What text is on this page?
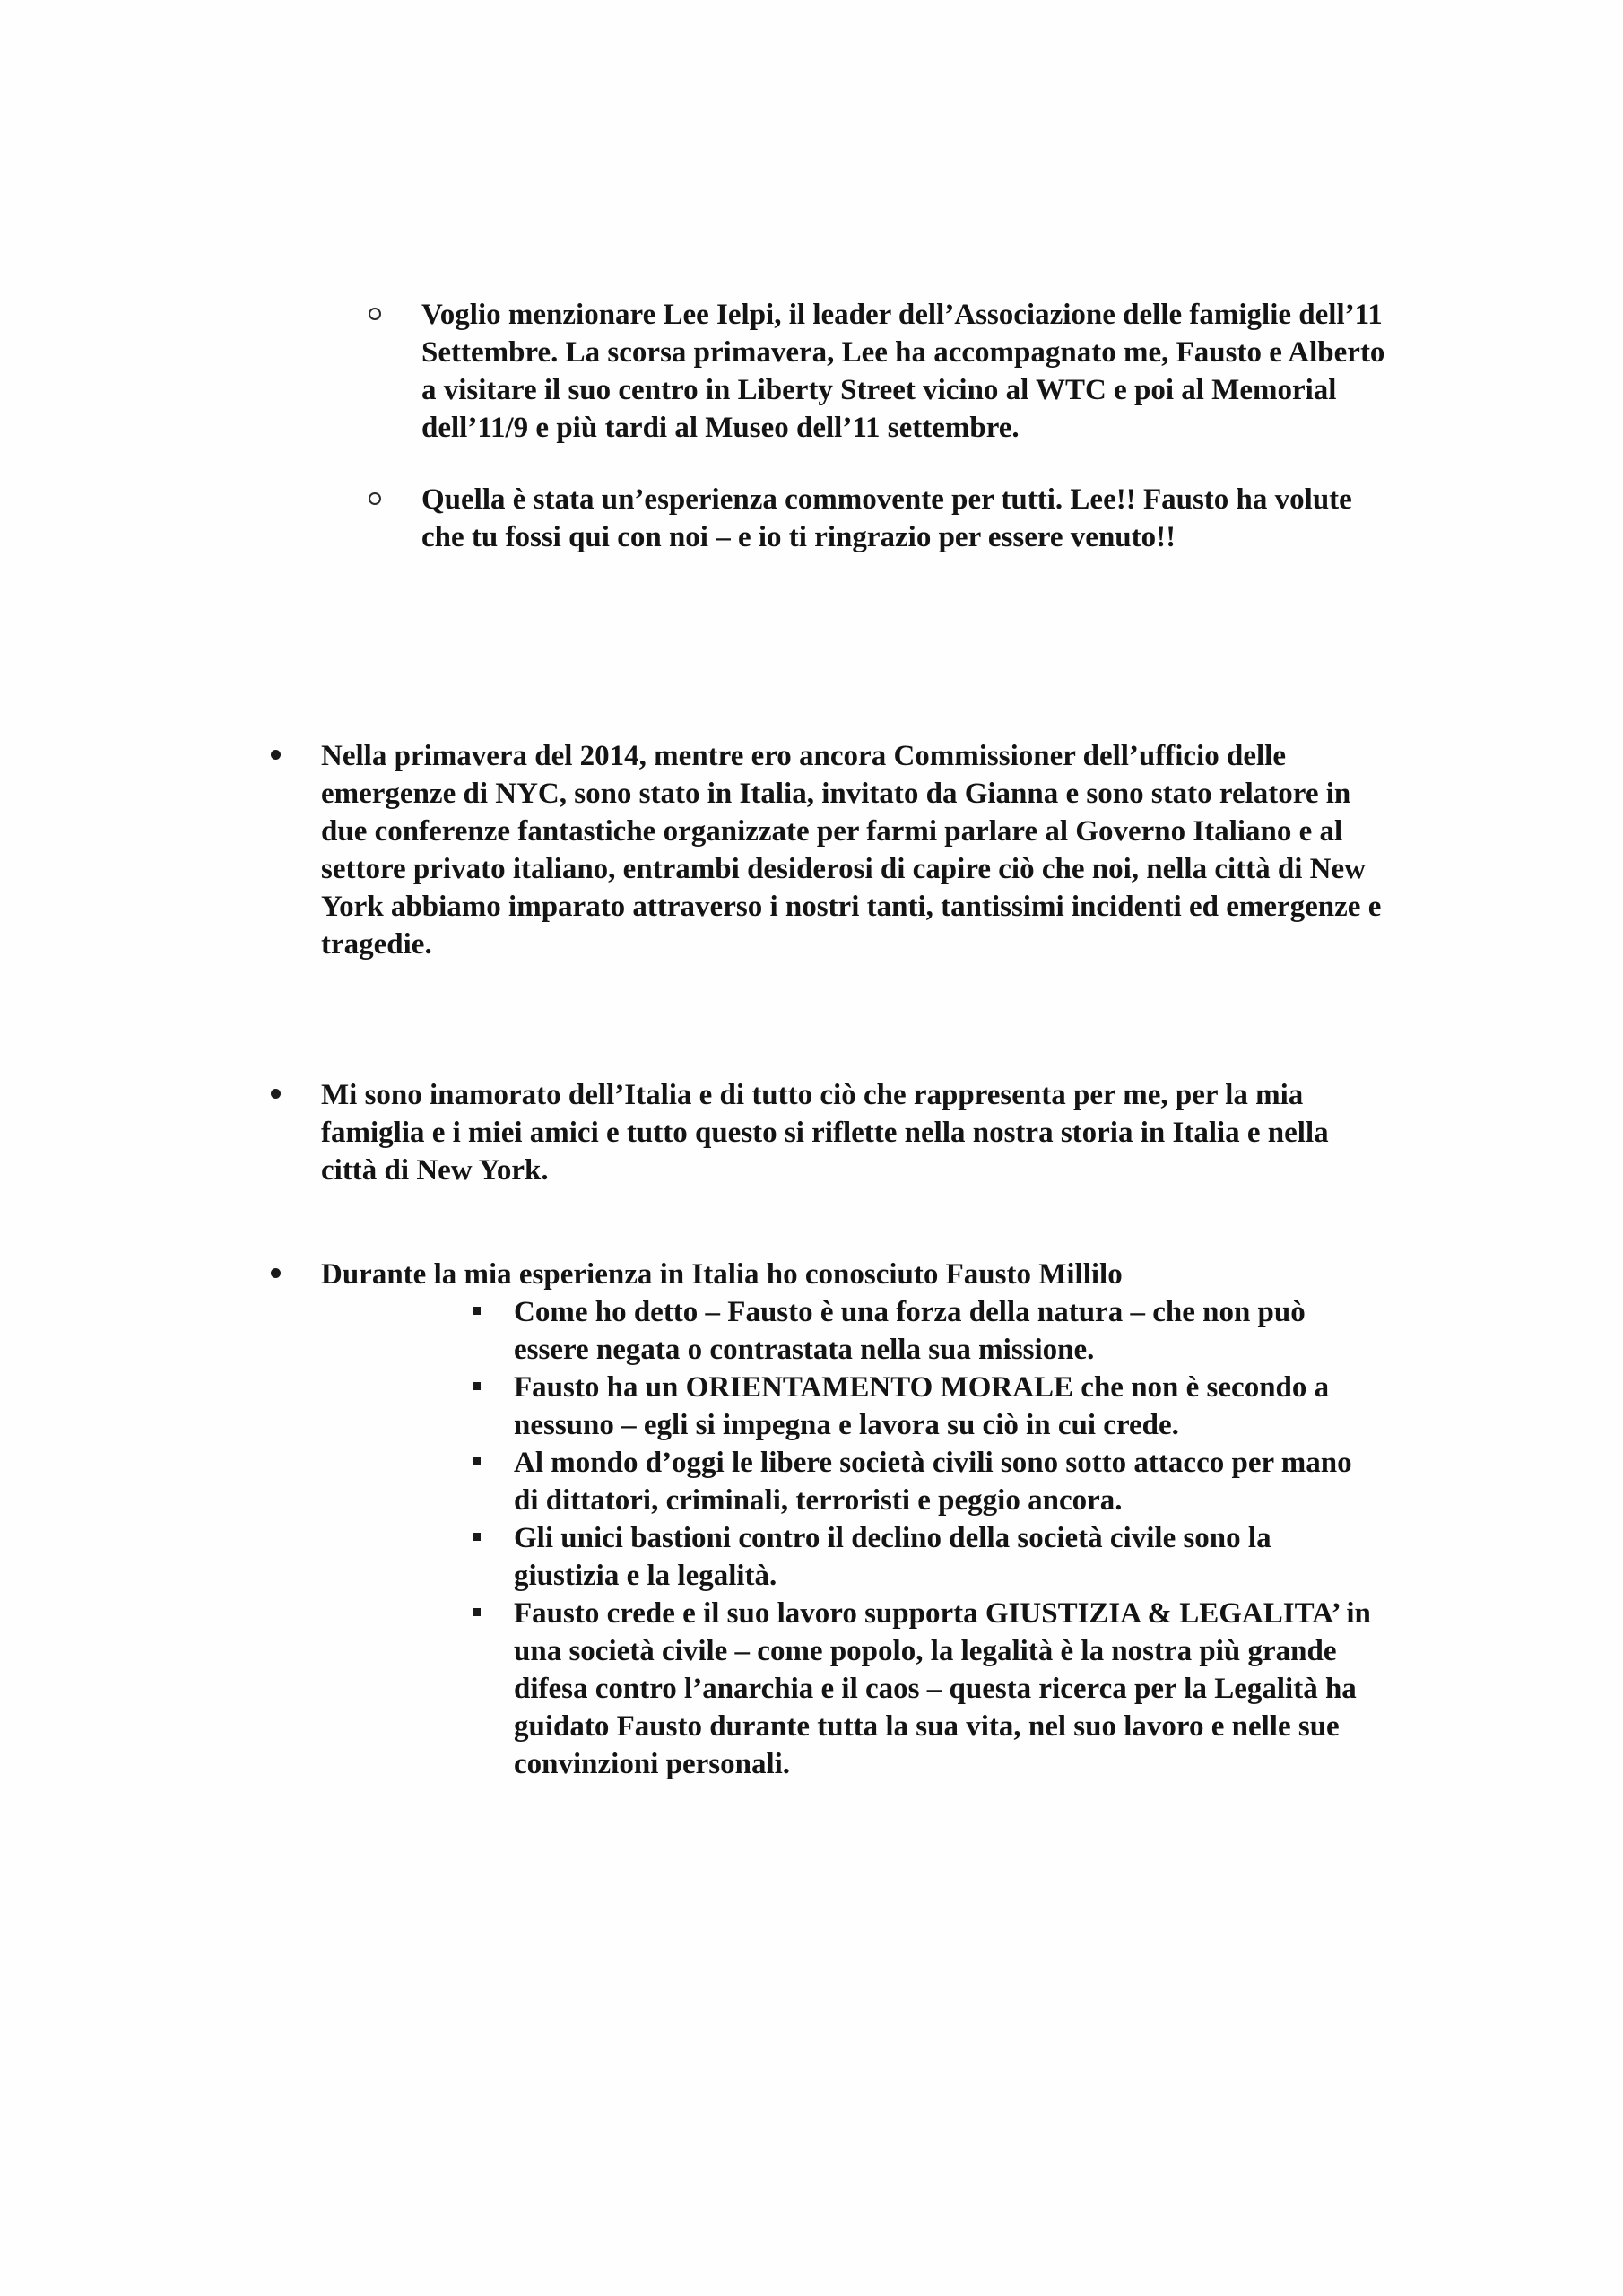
Voglio menzionare Lee Ielpi, il leader dell’Associazione delle famiglie dell’11 Settembre. La scorsa primavera, Lee ha accompagnato me, Fausto e Alberto a visitare il suo centro in Liberty Street vicino al WTC e poi al Memorial dell’11/9 e più tardi al Museo dell’11 settembre.
Quella è stata un’esperienza commovente per tutti. Lee!! Fausto ha volute che tu fossi qui con noi – e io ti ringrazio per essere venuto!!
Nella primavera del 2014, mentre ero ancora Commissioner dell’ufficio delle emergenze di NYC, sono stato in Italia, invitato da Gianna e sono stato relatore in due conferenze fantastiche organizzate per farmi parlare al Governo Italiano e al settore privato italiano, entrambi desiderosi di capire ciò che noi, nella città di New York abbiamo imparato attraverso i nostri tanti, tantissimi incidenti ed emergenze e tragedie.
Mi sono inamorato dell’Italia e di tutto ciò che rappresenta per me, per la mia famiglia e i miei amici e tutto questo si riflette nella nostra storia in Italia e nella città di New York.
Durante la mia esperienza in Italia ho conosciuto Fausto Millilo
Come ho detto – Fausto è una forza della natura – che non può essere negata o contrastata nella sua missione.
Fausto ha un ORIENTAMENTO MORALE che non è secondo a nessuno – egli si impegna e lavora su ciò in cui crede.
Al mondo d’oggi le libere società civili sono sotto attacco per mano di dittatori, criminali, terroristi e peggio ancora.
Gli unici bastioni contro il declino della società civile sono la giustizia e la legalità.
Fausto crede e il suo lavoro supporta GIUSTIZIA & LEGALITA’ in una società civile – come popolo, la legalità è la nostra più grande difesa contro l’anarchia e il caos – questa ricerca per la Legalità ha guidato Fausto durante tutta la sua vita, nel suo lavoro e nelle sue convinzioni personali.
